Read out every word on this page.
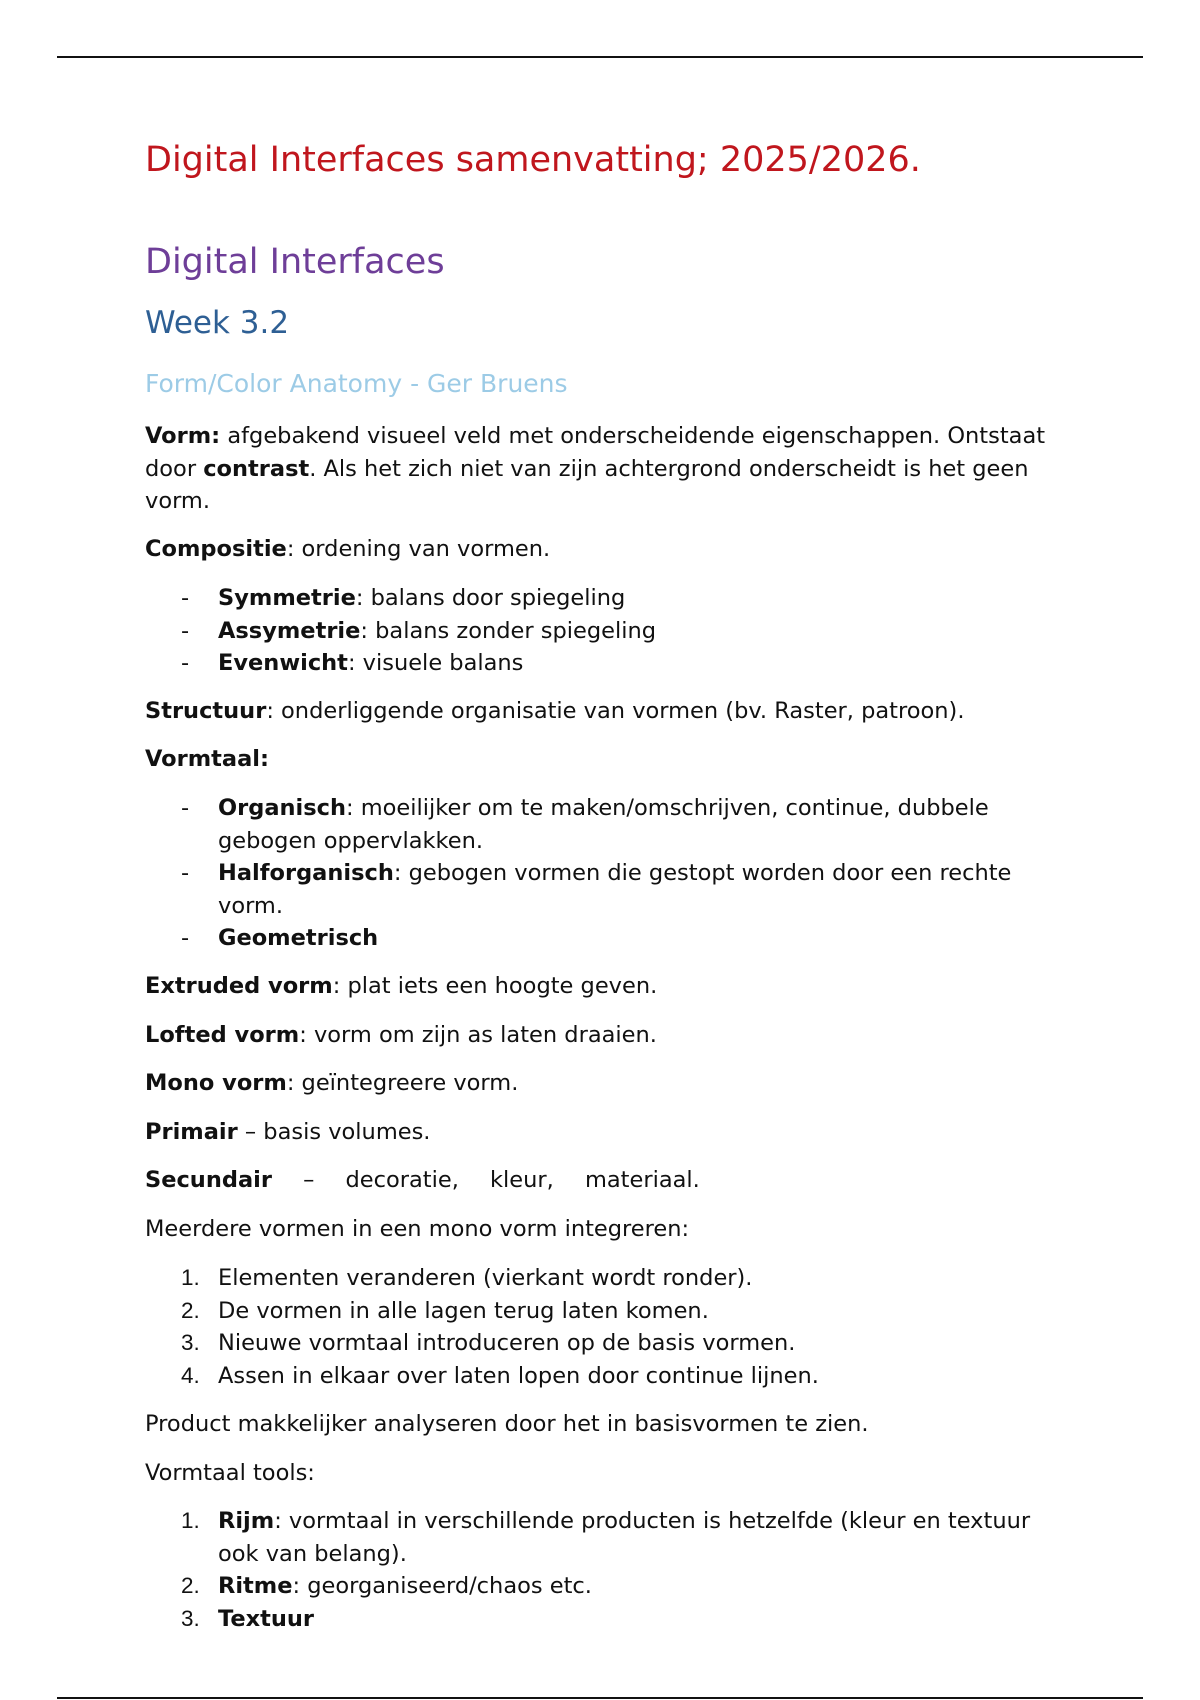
Digital Interfaces samenvatting; 2025/2026.
Digital Interfaces
Week 3.2
Form/Color Anatomy - Ger Bruens
Vorm: afgebakend visueel veld met onderscheidende eigenschappen. Ontstaat door contrast. Als het zich niet van zijn achtergrond onderscheidt is het geen vorm.
Compositie: ordening van vormen.
- Symmetrie: balans door spiegeling
- Assymetrie: balans zonder spiegeling
- Evenwicht: visuele balans
Structuur: onderliggende organisatie van vormen (bv. Raster, patroon).
Vormtaal:
- Organisch: moeilijker om te maken/omschrijven, continue, dubbele gebogen oppervlakken.
- Halforganisch: gebogen vormen die gestopt worden door een rechte vorm.
- Geometrisch
Extruded vorm: plat iets een hoogte geven.
Lofted vorm: vorm om zijn as laten draaien.
Mono vorm: geïntegreere vorm.
Primair – basis volumes.
Secundair – decoratie, kleur, materiaal.
Meerdere vormen in een mono vorm integreren:
1. Elementen veranderen (vierkant wordt ronder).
2. De vormen in alle lagen terug laten komen.
3. Nieuwe vormtaal introduceren op de basis vormen.
4. Assen in elkaar over laten lopen door continue lijnen.
Product makkelijker analyseren door het in basisvormen te zien.
Vormtaal tools:
1. Rijm: vormtaal in verschillende producten is hetzelfde (kleur en textuur ook van belang).
2. Ritme: georganiseerd/chaos etc.
3. Textuur
